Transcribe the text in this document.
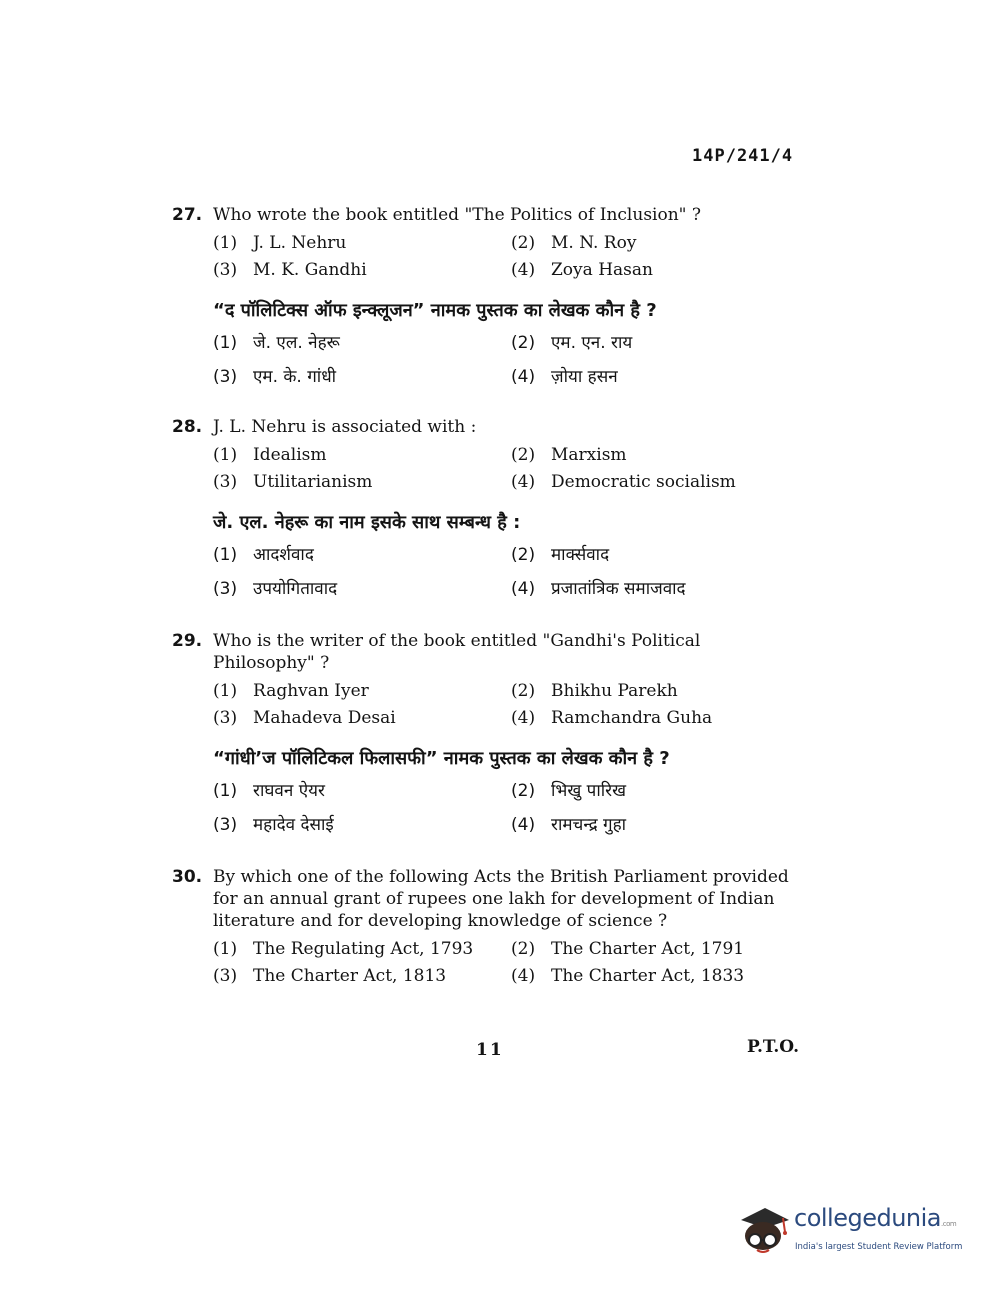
14P/241/4
27. Who wrote the book entitled "The Politics of Inclusion" ?
(1) J. L. Nehru	(2) M. N. Roy
(3) M. K. Gandhi	(4) Zoya Hasan
“द पॉलिटिक्स ऑफ इन्क्लूजन” नामक पुस्तक का लेखक कौन है ?
(1) जे. एल. नेहरू	(2) एम. एन. राय
(3) एम. के. गांधी	(4) ज़ोया हसन
28. J. L. Nehru is associated with :
(1) Idealism	(2) Marxism
(3) Utilitarianism	(4) Democratic socialism
जे. एल. नेहरू का नाम इसके साथ सम्बन्ध है :
(1) आदर्शवाद	(2) मार्क्सवाद
(3) उपयोगितावाद	(4) प्रजातांत्रिक समाजवाद
29. Who is the writer of the book entitled "Gandhi's Political Philosophy" ?
(1) Raghvan Iyer	(2) Bhikhu Parekh
(3) Mahadeva Desai	(4) Ramchandra Guha
“गांधी’ज पॉलिटिकल फिलासफी” नामक पुस्तक का लेखक कौन है ?
(1) राघवन ऐयर	(2) भिखु पारिख
(3) महादेव देसाई	(4) रामचन्द्र गुहा
30. By which one of the following Acts the British Parliament provided for an annual grant of rupees one lakh for development of Indian literature and for developing knowledge of science ?
(1) The Regulating Act, 1793	(2) The Charter Act, 1791
(3) The Charter Act, 1813	(4) The Charter Act, 1833
11	P.T.O.
collegedunia.com
India's largest Student Review Platform
